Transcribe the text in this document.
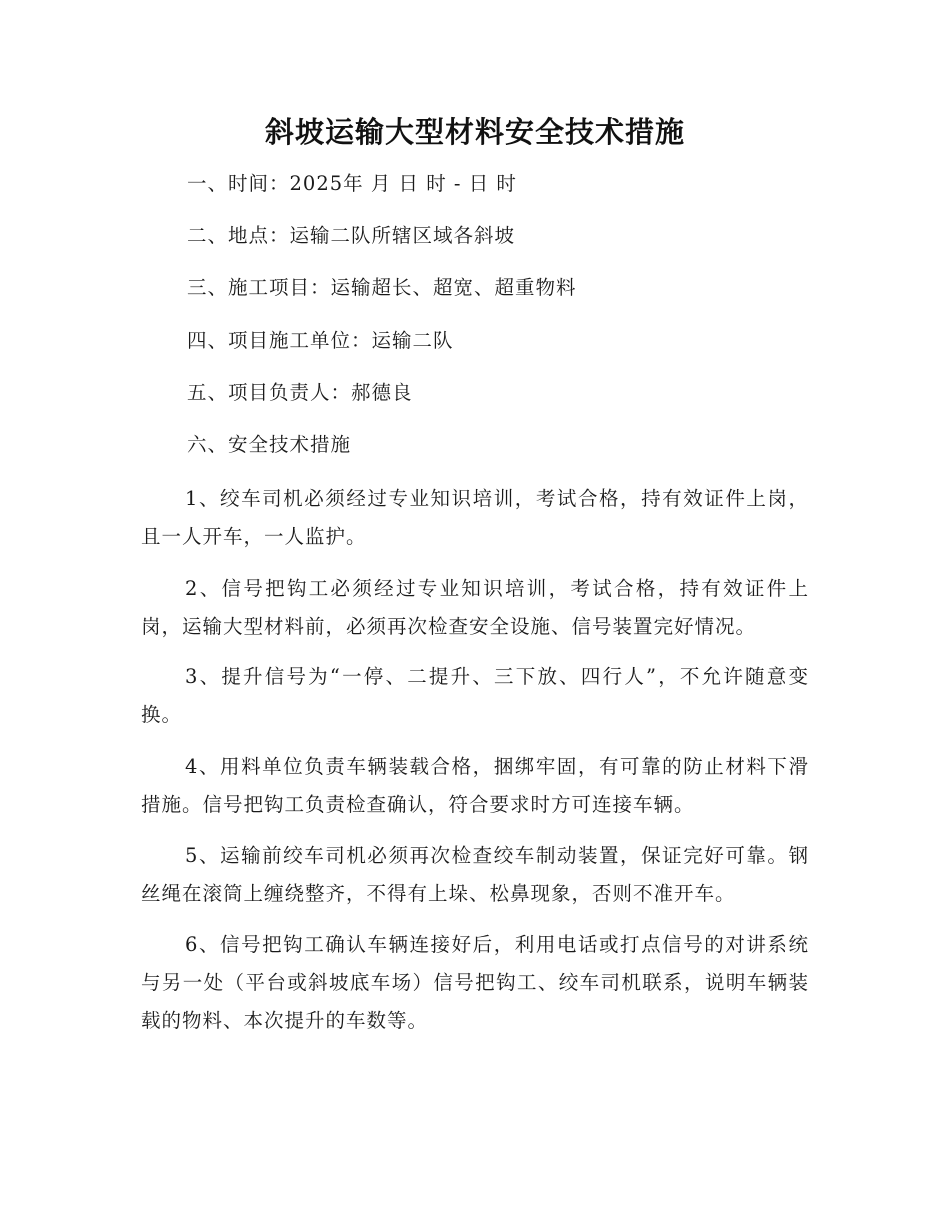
斜坡运输大型材料安全技术措施
一、时间：2025年 月 日 时 - 日 时
二、地点：运输二队所辖区域各斜坡
三、施工项目：运输超长、超宽、超重物料
四、项目施工单位：运输二队
五、项目负责人：郝德良
六、安全技术措施
1、绞车司机必须经过专业知识培训，考试合格，持有效证件上岗，且一人开车，一人监护。
2、信号把钩工必须经过专业知识培训，考试合格，持有效证件上岗，运输大型材料前，必须再次检查安全设施、信号装置完好情况。
3、提升信号为“一停、二提升、三下放、四行人”，不允许随意变换。
4、用料单位负责车辆装载合格，捆绑牢固，有可靠的防止材料下滑措施。信号把钩工负责检查确认，符合要求时方可连接车辆。
5、运输前绞车司机必须再次检查绞车制动装置，保证完好可靠。钢丝绳在滚筒上缠绕整齐，不得有上垛、松鼻现象，否则不准开车。
6、信号把钩工确认车辆连接好后，利用电话或打点信号的对讲系统与另一处（平台或斜坡底车场）信号把钩工、绞车司机联系，说明车辆装载的物料、本次提升的车数等。
